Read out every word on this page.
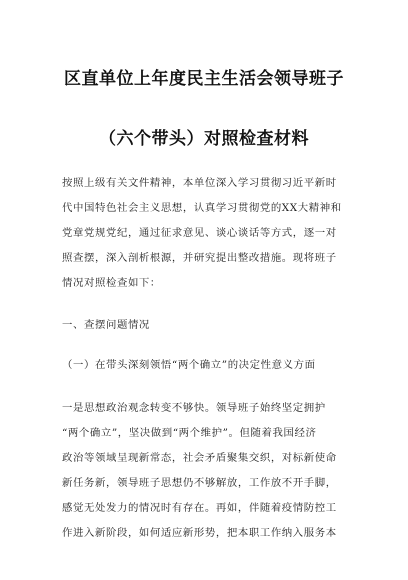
区直单位上年度民主生活会领导班子
（六个带头）对照检查材料
按照上级有关文件精神，本单位深入学习贯彻习近平新时
代中国特色社会主义思想，认真学习贯彻党的XX大精神和
党章党规党纪，通过征求意见、谈心谈话等方式，逐一对
照查摆，深入剖析根源，并研究提出整改措施。现将班子
情况对照检查如下：
一、查摆问题情况
（一）在带头深刻领悟“两个确立”的决定性意义方面
一是思想政治观念转变不够快。领导班子始终坚定拥护
“两个确立”，坚决做到“两个维护”。但随着我国经济
政治等领域呈现新常态，社会矛盾聚集交织，对标新使命
新任务新，领导班子思想仍不够解放，工作放不开手脚，
感觉无处发力的情况时有存在。再如，伴随着疫情防控工
作进入新阶段，如何适应新形势，把本职工作纳入服务本
